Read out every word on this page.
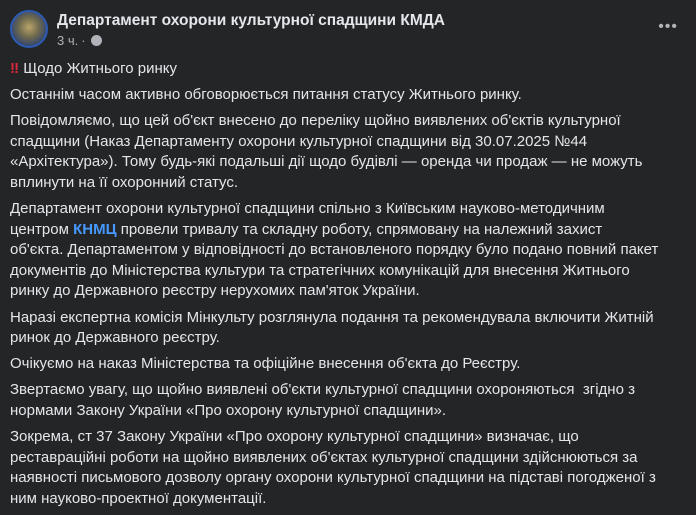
Департамент охорони культурної спадщини КМДА
3 ч. ·
•••
‼ Щодо Житнього ринку
Останнім часом активно обговорюється питання статусу Житнього ринку.
Повідомляємо, що цей об'єкт внесено до переліку щойно виявлених об'єктів культурної
спадщини (Наказ Департаменту охорони культурної спадщини від 30.07.2025 №44
«Архітектура»). Тому будь-які подальші дії щодо будівлі — оренда чи продаж — не можуть
вплинути на її охоронний статус.
Департамент охорони культурної спадщини спільно з Київським науково-методичним
центром КНМЦ провели тривалу та складну роботу, спрямовану на належний захист
об'єкта. Департаментом у відповідності до встановленого порядку було подано повний пакет
документів до Міністерства культури та стратегічних комунікацій для внесення Житнього
ринку до Державного реєстру нерухомих пам'яток України.
Наразі експертна комісія Мінкульту розглянула подання та рекомендувала включити Житній
ринок до Державного реєстру.
Очікуємо на наказ Міністерства та офіційне внесення об'єкта до Реєстру.
Звертаємо увагу, що щойно виявлені об'єкти культурної спадщини охороняються  згідно з
нормами Закону України «Про охорону культурної спадщини».
Зокрема, ст 37 Закону України «Про охорону культурної спадщини» визначає, що
реставраційні роботи на щойно виявлених об'єктах культурної спадщини здійснюються за
наявності письмового дозволу органу охорони культурної спадщини на підставі погодженої з
ним науково-проектної документації.
